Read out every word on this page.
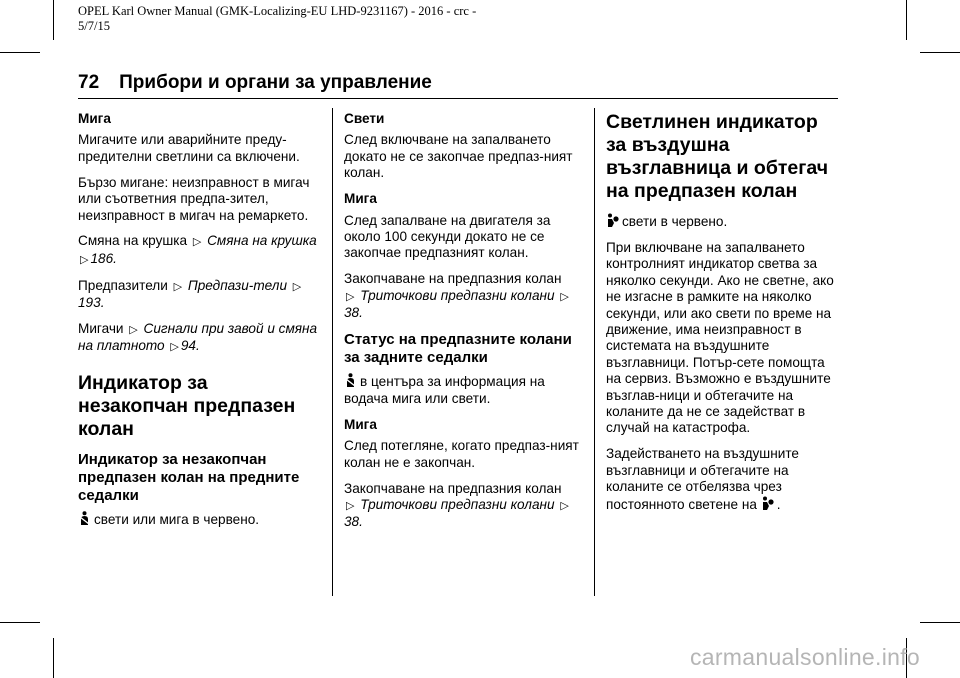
OPEL Karl Owner Manual (GMK-Localizing-EU LHD-9231167) - 2016 - crc -
5/7/15
72 Прибори и органи за управление
Мига

Мигачите или аварийните преду-предителни светлини са включени.

Бързо мигане: неизправност в мигач или съответния предпа-зител, неизправност в мигач на ремаркето.

Смяна на крушка ▷ Смяна на крушка ▷ 186.

Предпазители ▷ Предпази-тели ▷193.

Мигачи ▷ Сигнали при завой и смяна на платното ▷ 94.

Индикатор за незакопчан предпазен колан
Индикатор за незакопчан предпазен колан на предните седалки

свети или мига в червено.

Свети

След включване на запалването докато не се закопчае предпаз-ният колан.

Мига

След запалване на двигателя за около 100 секунди докато не се закопчае предпазният колан.

Закопчаване на предпазния колан
▷ Триточкови предпазни колани ▷38.

Статус на предпазните колани за задните седалки

в центъра за информация на водача мига или свети.

Мига

След потегляне, когато предпаз-ният колан не е закопчан.

Закопчаване на предпазния колан
▷ Триточкови предпазни колани ▷38.

Светлинен индикатор за въздушна възглавница и обтегач на предпазен колан

свети в червено.

При включване на запалването контролният индикатор светва за няколко секунди. Ако не светне, ако не изгасне в рамките на няколко секунди, или ако свети по време на движение, има неизправност в системата на въздушните възглавници. Потър-сете помощта на сервиз. Възможно е въздушните възглав-ници и обтегачите на коланите да не се задействат в случай на катастрофа.

Задействането на въздушните възглавници и обтегачите на коланите се отбелязва чрез постоянното светене на .

carmanualsonline.info
